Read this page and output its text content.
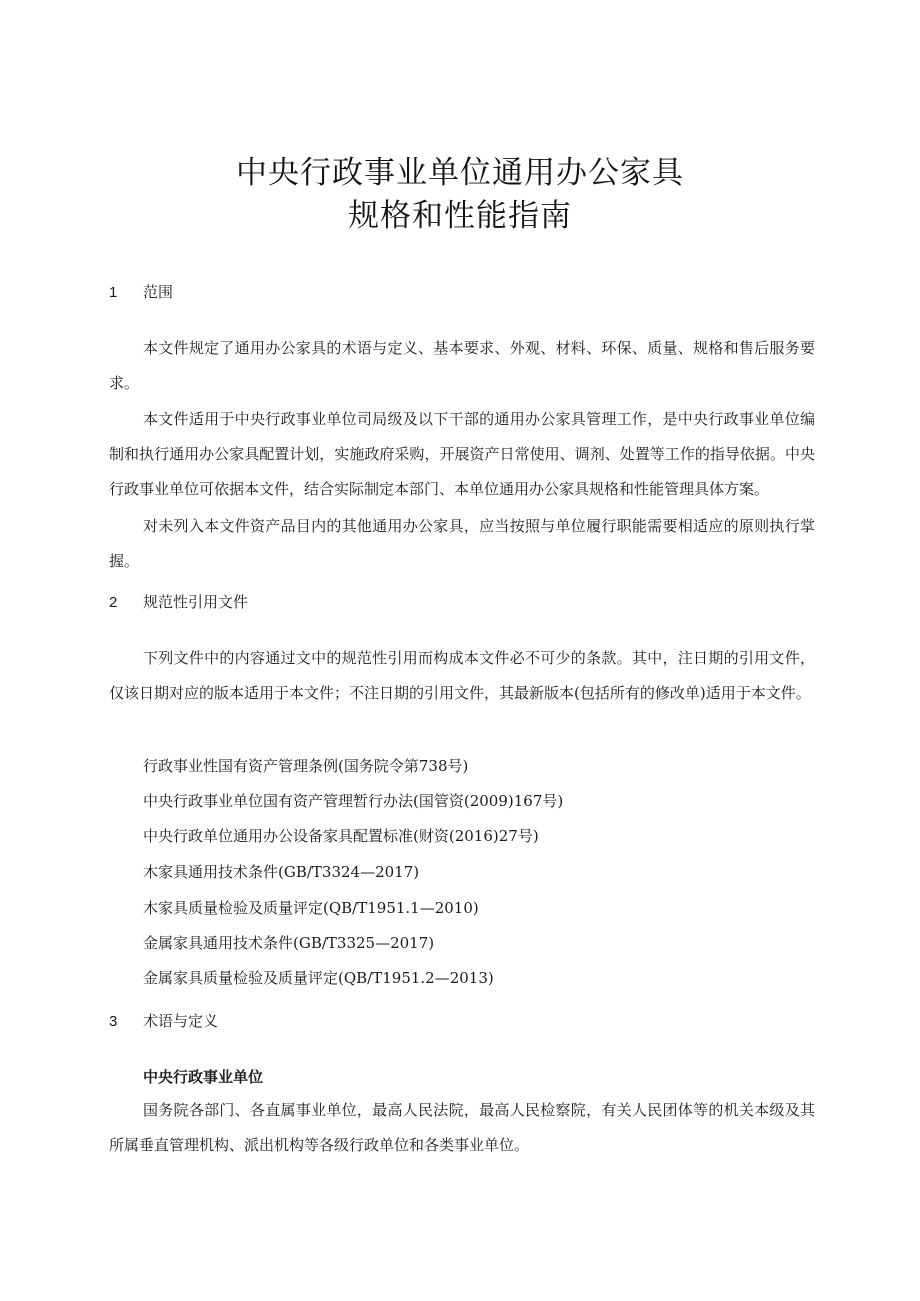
中央行政事业单位通用办公家具
规格和性能指南
1 范围
本文件规定了通用办公家具的术语与定义、基本要求、外观、材料、环保、质量、规格和售后服务要求。
本文件适用于中央行政事业单位司局级及以下干部的通用办公家具管理工作，是中央行政事业单位编制和执行通用办公家具配置计划，实施政府采购，开展资产日常使用、调剂、处置等工作的指导依据。中央行政事业单位可依据本文件，结合实际制定本部门、本单位通用办公家具规格和性能管理具体方案。
对未列入本文件资产品目内的其他通用办公家具，应当按照与单位履行职能需要相适应的原则执行掌握。
2 规范性引用文件
下列文件中的内容通过文中的规范性引用而构成本文件必不可少的条款。其中，注日期的引用文件，仅该日期对应的版本适用于本文件；不注日期的引用文件，其最新版本(包括所有的修改单)适用于本文件。
行政事业性国有资产管理条例(国务院令第738号)
中央行政事业单位国有资产管理暂行办法(国管资(2009)167号)
中央行政单位通用办公设备家具配置标准(财资(2016)27号)
木家具通用技术条件(GB/T3324—2017)
木家具质量检验及质量评定(QB/T1951.1—2010)
金属家具通用技术条件(GB/T3325—2017)
金属家具质量检验及质量评定(QB/T1951.2—2013)
3 术语与定义
中央行政事业单位
国务院各部门、各直属事业单位，最高人民法院，最高人民检察院，有关人民团体等的机关本级及其所属垂直管理机构、派出机构等各级行政单位和各类事业单位。
